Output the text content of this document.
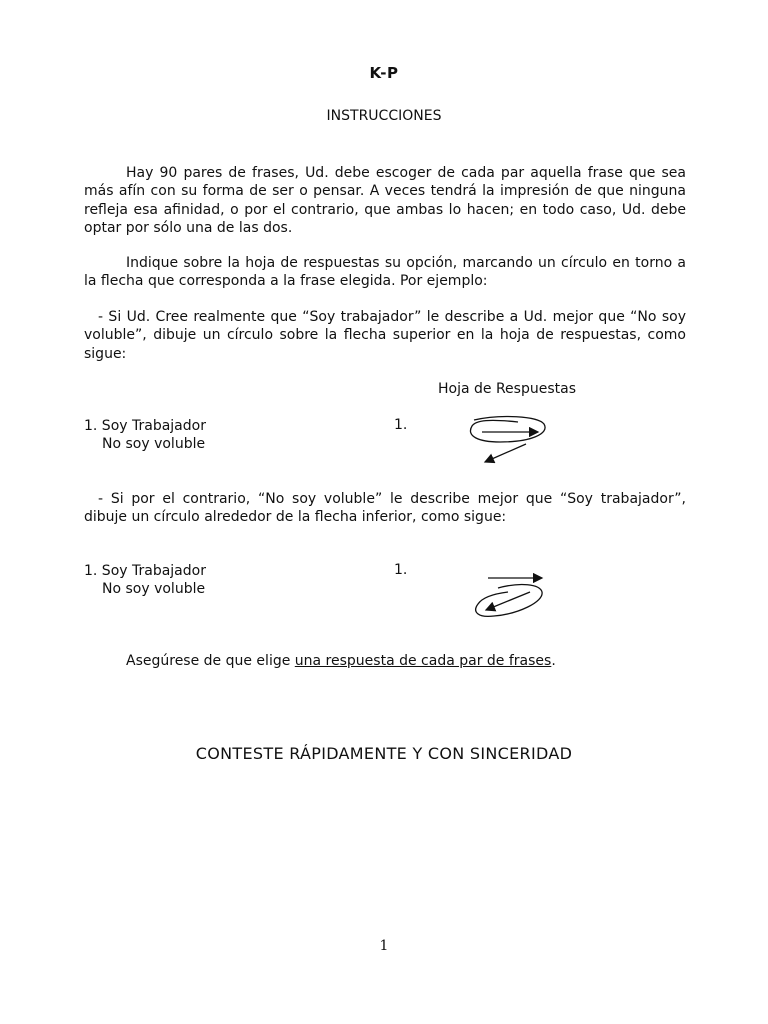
K-P
INSTRUCCIONES
Hay 90 pares de frases, Ud. debe escoger de cada par aquella frase que sea más afín con su forma de ser o pensar. A veces tendrá la impresión de que ninguna refleja esa afinidad, o por el contrario, que ambas lo hacen; en todo caso, Ud. debe optar por sólo una de las dos.
Indique sobre la hoja de respuestas su opción, marcando un círculo en torno a la flecha que corresponda a la frase elegida. Por ejemplo:
- Si Ud. Cree realmente que “Soy trabajador” le describe a Ud. mejor que “No soy voluble”, dibuje un círculo sobre la flecha superior en la hoja de respuestas, como sigue:
Hoja de Respuestas
1. Soy Trabajador
No soy voluble
1.
- Si por el contrario, “No soy voluble” le describe mejor que “Soy trabajador”, dibuje un círculo alrededor de la flecha inferior, como sigue:
1. Soy Trabajador
No soy voluble
1.
Asegúrese de que elige una respuesta de cada par de frases.
CONTESTE RÁPIDAMENTE Y CON SINCERIDAD
1
